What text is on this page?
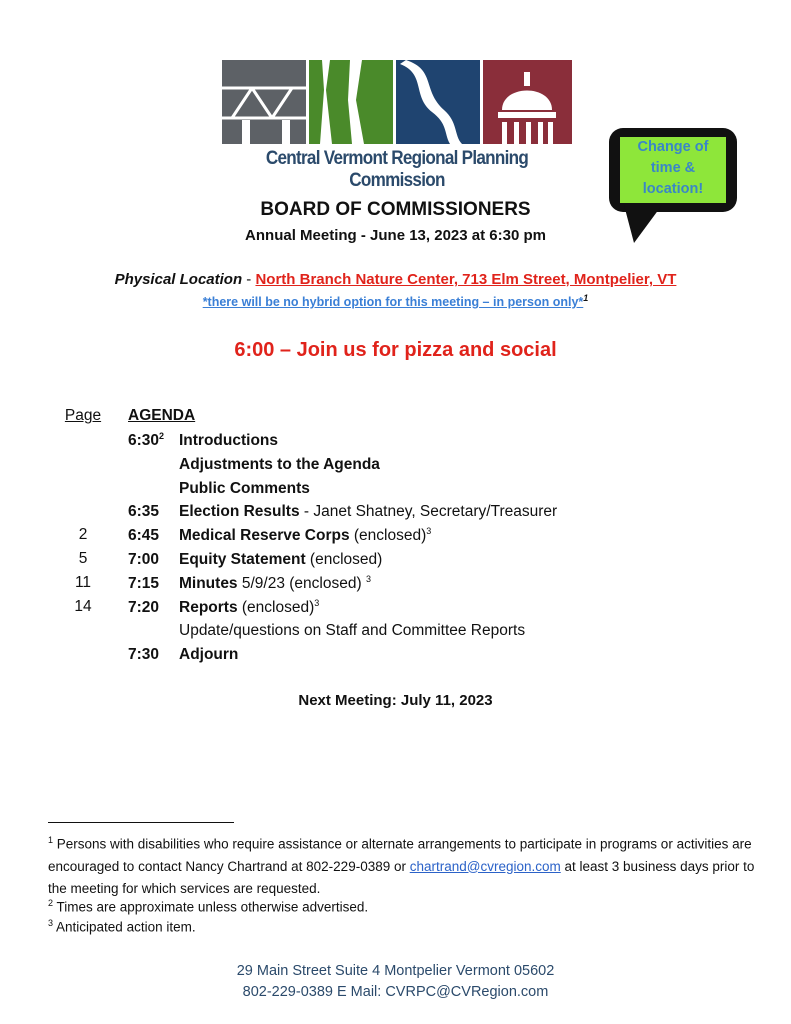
Central Vermont Regional Planning Commission
Change of
time &
location!
BOARD OF COMMISSIONERS
Annual Meeting - June 13, 2023 at 6:30 pm
Physical Location - North Branch Nature Center, 713 Elm Street, Montpelier, VT
*there will be no hybrid option for this meeting – in person only*$^1$
6:00 – Join us for pizza and social
Page AGENDA
$6:30^2$ Introductions
Adjustments to the Agenda
Public Comments
6:35 Election Results - Janet Shatney, Secretary/Treasurer
2	6:45 Medical Reserve Corps (enclosed)$^3$
5	7:00 Equity Statement (enclosed)
11	7:15 Minutes 5/9/23 (enclosed) $^3$
14	7:20 Reports (enclosed)$^3$
Update/questions on Staff and Committee Reports
7:30 Adjourn
Next Meeting: July 11, 2023
$^1$ Persons with disabilities who require assistance or alternate arrangements to participate in programs or activities are encouraged to contact Nancy Chartrand at 802-229-0389 or chartrand@cvregion.com at least 3 business days prior to the meeting for which services are requested.
$^2$ Times are approximate unless otherwise advertised.
$^3$ Anticipated action item.
29 Main Street Suite 4 Montpelier Vermont 05602
802-229-0389 E Mail: CVRPC@CVRegion.com
